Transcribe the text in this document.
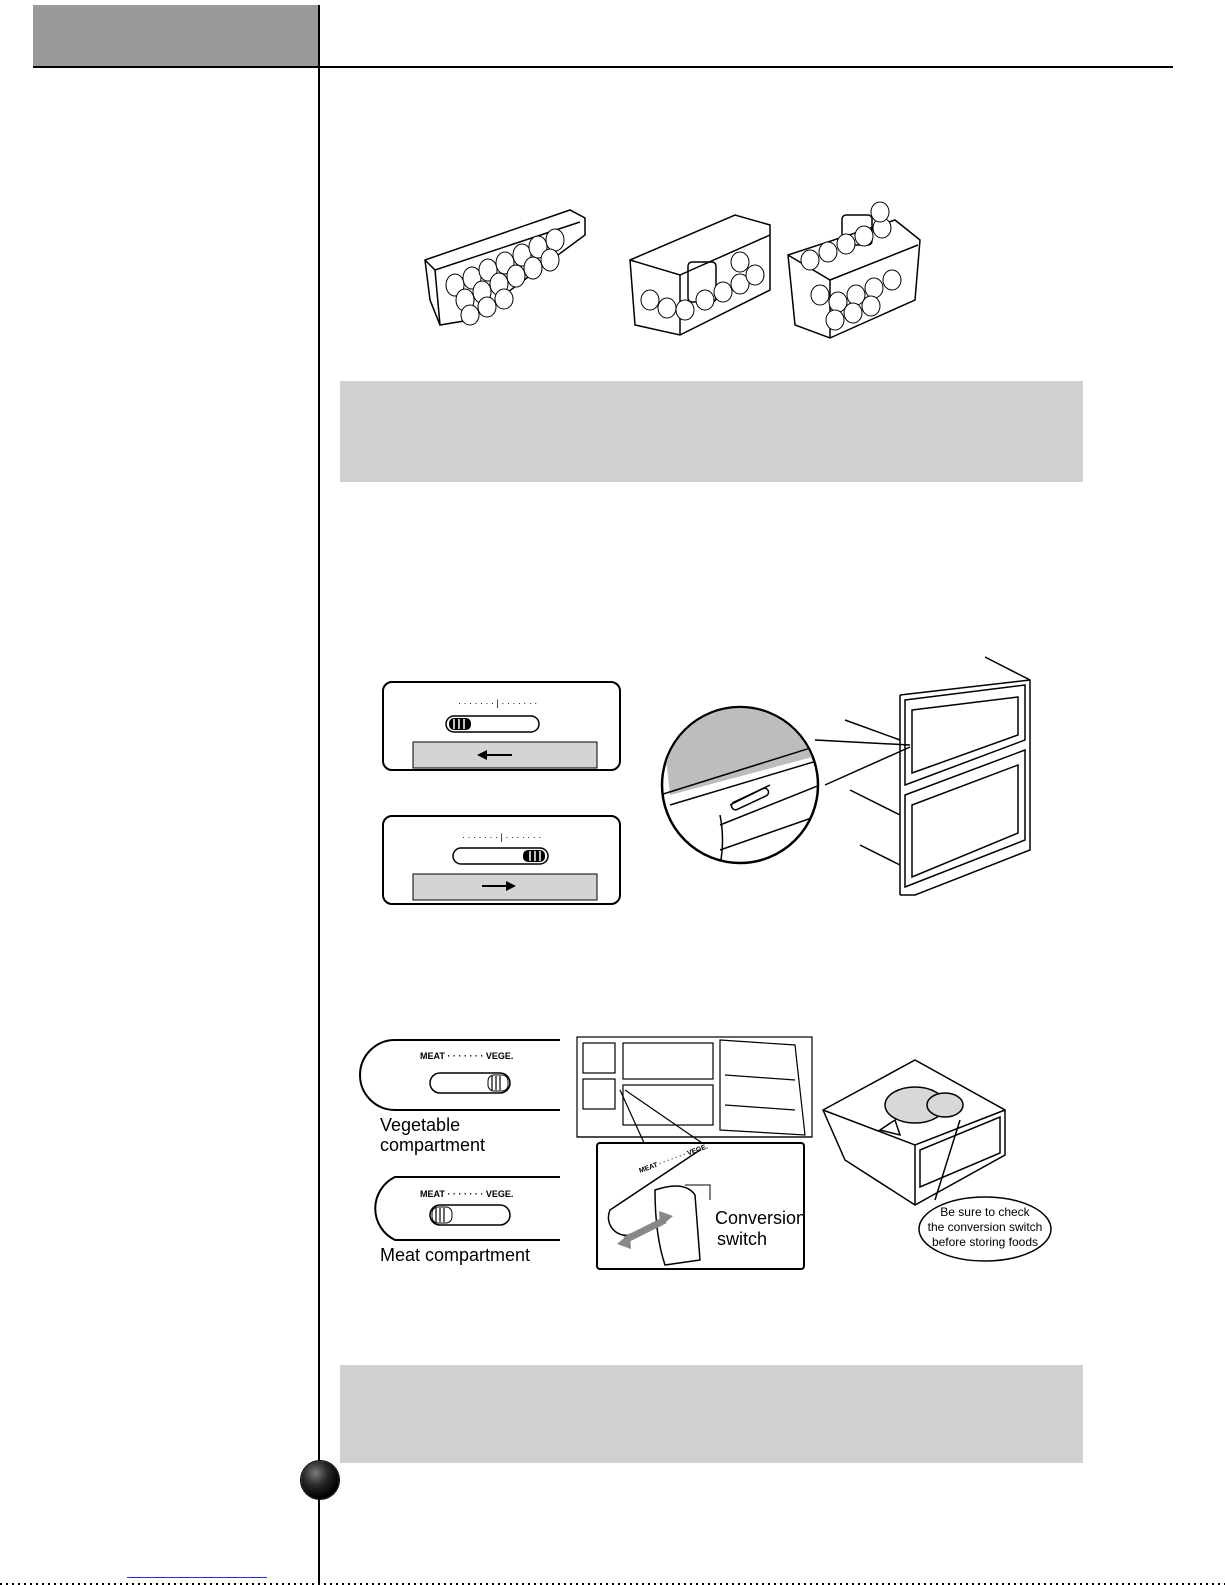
· · · · · · · | · · · · · · ·
· · · · · · · | · · · · · · ·
MEAT · · · · · · · VEGE.
Vegetable
compartment
MEAT · · · · · · · VEGE.
Meat compartment
MEAT · · · · · · · VEGE.
Conversion
switch
Be sure to check
the conversion switch
before storing foods
